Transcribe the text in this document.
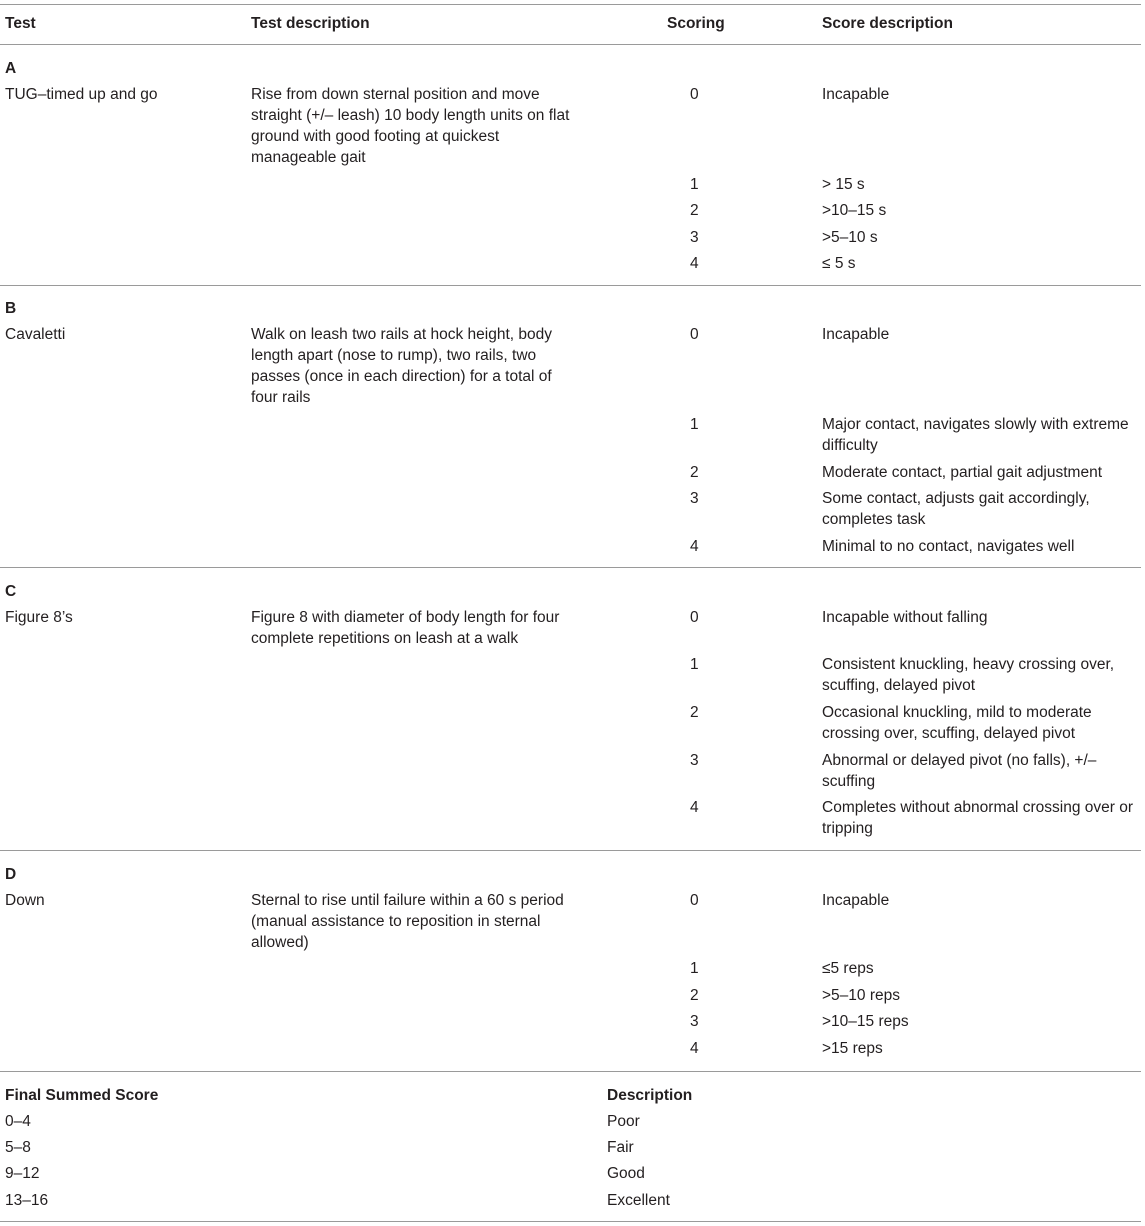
Test	Test description	Scoring	Score description
A
TUG–timed up and go	Rise from down sternal position and move straight (+/– leash) 10 body length units on flat ground with good footing at quickest manageable gait
0	Incapable
1	> 15 s
2	>10–15 s
3	>5–10 s
4	≤ 5 s
B
Cavaletti	Walk on leash two rails at hock height, body length apart (nose to rump), two rails, two passes (once in each direction) for a total of four rails
0	Incapable
1	Major contact, navigates slowly with extreme difficulty
2	Moderate contact, partial gait adjustment
3	Some contact, adjusts gait accordingly, completes task
4	Minimal to no contact, navigates well
C
Figure 8’s	Figure 8 with diameter of body length for four complete repetitions on leash at a walk
0	Incapable without falling
1	Consistent knuckling, heavy crossing over, scuffing, delayed pivot
2	Occasional knuckling, mild to moderate crossing over, scuffing, delayed pivot
3	Abnormal or delayed pivot (no falls), +/– scuffing
4	Completes without abnormal crossing over or tripping
D
Down	Sternal to rise until failure within a 60 s period (manual assistance to reposition in sternal allowed)
0	Incapable
1	≤5 reps
2	>5–10 reps
3	>10–15 reps
4	>15 reps
Final Summed Score	Description
0–4	Poor
5–8	Fair
9–12	Good
13–16	Excellent
